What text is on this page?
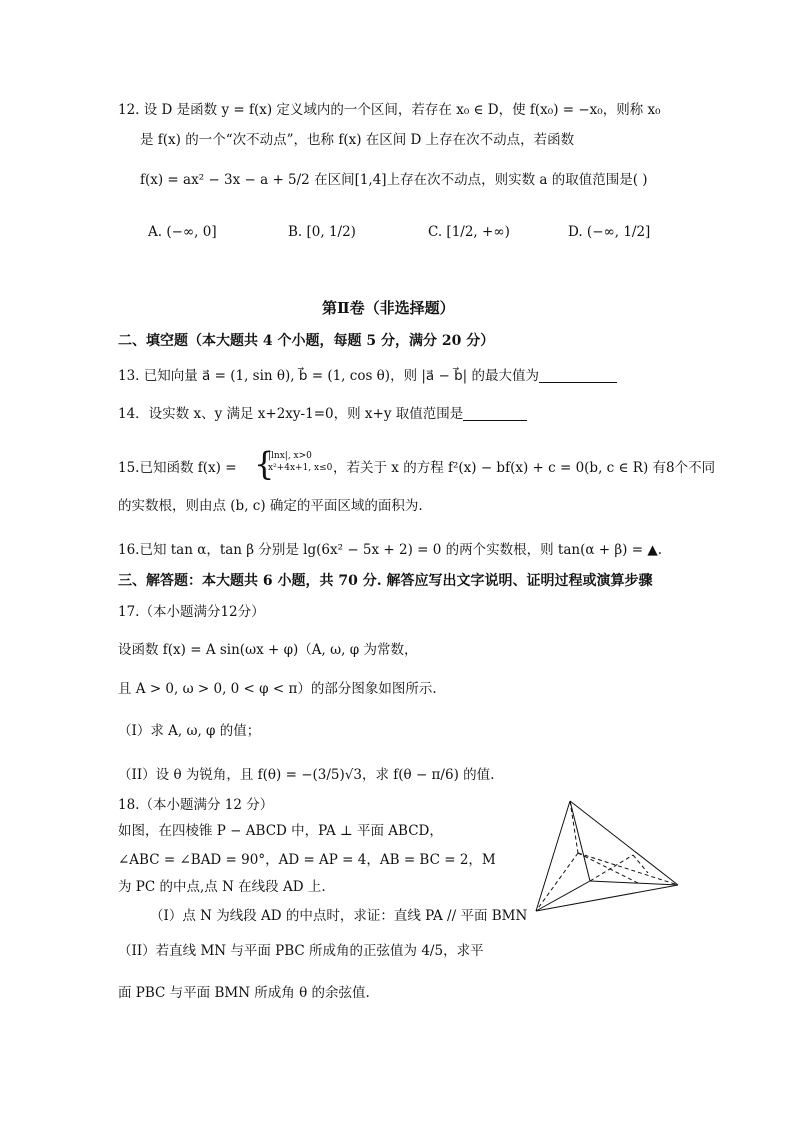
12. 设 D 是函数 y = f(x) 定义域内的一个区间，若存在 x₀ ∈ D，使 f(x₀) = −x₀，则称 x₀
是 f(x) 的一个“次不动点”，也称 f(x) 在区间 D 上存在次不动点，若函数
f(x) = ax² − 3x − a + 5/2 在区间[1,4]上存在次不动点，则实数 a 的取值范围是( )
A. (−∞, 0]	B. [0, 1/2)	C. [1/2, +∞)	D. (−∞, 1/2]
第Ⅱ卷（非选择题）
二、填空题（本大题共 4 个小题，每题 5 分，满分 20 分）
13. 已知向量 a⃗ = (1, sin θ), b⃗ = (1, cos θ)，则 |a⃗ − b⃗| 的最大值为
14．设实数 x、y 满足 x+2xy-1=0，则 x+y 取值范围是
15.已知函数 f(x) = {
|lnx|, x>0
x²+4x+1, x≤0 ，若关于 x 的方程 f²(x) − bf(x) + c = 0(b, c ∈ R) 有8个不同
的实数根，则由点 (b, c) 确定的平面区域的面积为.
16.已知 tan α，tan β 分别是 lg(6x² − 5x + 2) = 0 的两个实数根，则 tan(α + β) = ▲.
三、解答题：本大题共 6 小题，共 70 分. 解答应写出文字说明、证明过程或演算步骤
17.（本小题满分12分）
设函数 f(x) = A sin(ωx + φ)（A, ω, φ 为常数，
且 A > 0, ω > 0, 0 < φ < π）的部分图象如图所示.
（I）求 A, ω, φ 的值；
（II）设 θ 为锐角，且 f(θ) = −(3/5)√3，求 f(θ − π/6) 的值.
18.（本小题满分 12 分）
如图，在四棱锥 P − ABCD 中，PA ⊥ 平面 ABCD，
∠ABC = ∠BAD = 90°，AD = AP = 4，AB = BC = 2，M
为 PC 的中点,点 N 在线段 AD 上.
（I）点 N 为线段 AD 的中点时，求证：直线 PA // 平面 BMN
（II）若直线 MN 与平面 PBC 所成角的正弦值为 4/5，求平
面 PBC 与平面 BMN 所成角 θ 的余弦值.
